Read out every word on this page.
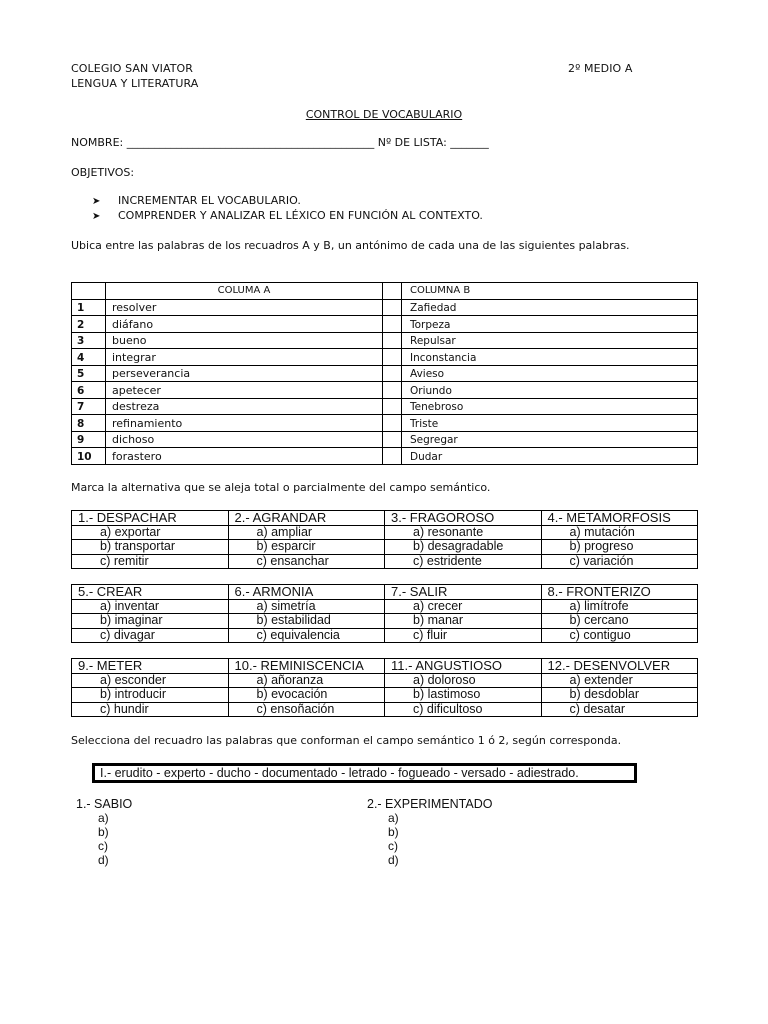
COLEGIO SAN VIATOR	2º MEDIO A
LENGUA Y LITERATURA
CONTROL DE VOCABULARIO
NOMBRE: _____________________________________________ Nº DE LISTA: _______
OBJETIVOS:
➤ INCREMENTAR EL VOCABULARIO.
➤ COMPRENDER Y ANALIZAR EL LÉXICO EN FUNCIÓN AL CONTEXTO.
Ubica entre las palabras de los recuadros A y B, un antónimo de cada una de las siguientes palabras.
	COLUMA A		COLUMNA B
1	resolver		Zafiedad
2	diáfano		Torpeza
3	bueno		Repulsar
4	integrar		Inconstancia
5	perseverancia		Avieso
6	apetecer		Oriundo
7	destreza		Tenebroso
8	refinamiento		Triste
9	dichoso		Segregar
10	forastero		Dudar
Marca la alternativa que se aleja total o parcialmente del campo semántico.
1.- DESPACHAR	2.- AGRANDAR	3.- FRAGOROSO	4.- METAMORFOSIS
a) exportar	a) ampliar	a) resonante	a) mutación
b) transportar	b) esparcir	b) desagradable	b) progreso
c) remitir	c) ensanchar	c) estridente	c) variación
5.- CREAR	6.- ARMONIA	7.- SALIR	8.- FRONTERIZO
a) inventar	a) simetría	a) crecer	a) limítrofe
b) imaginar	b) estabilidad	b) manar	b) cercano
c) divagar	c) equivalencia	c) fluir	c) contiguo
9.- METER	10.- REMINISCENCIA	11.- ANGUSTIOSO	12.- DESENVOLVER
a) esconder	a) añoranza	a) doloroso	a) extender
b) introducir	b) evocación	b) lastimoso	b) desdoblar
c) hundir	c) ensoñación	c) dificultoso	c) desatar
Selecciona del recuadro las palabras que conforman el campo semántico 1 ó 2, según corresponda.
I.- erudito - experto - ducho - documentado - letrado - fogueado - versado - adiestrado.
1.- SABIO
a)
b)
c)
d)
2.- EXPERIMENTADO
a)
b)
c)
d)
